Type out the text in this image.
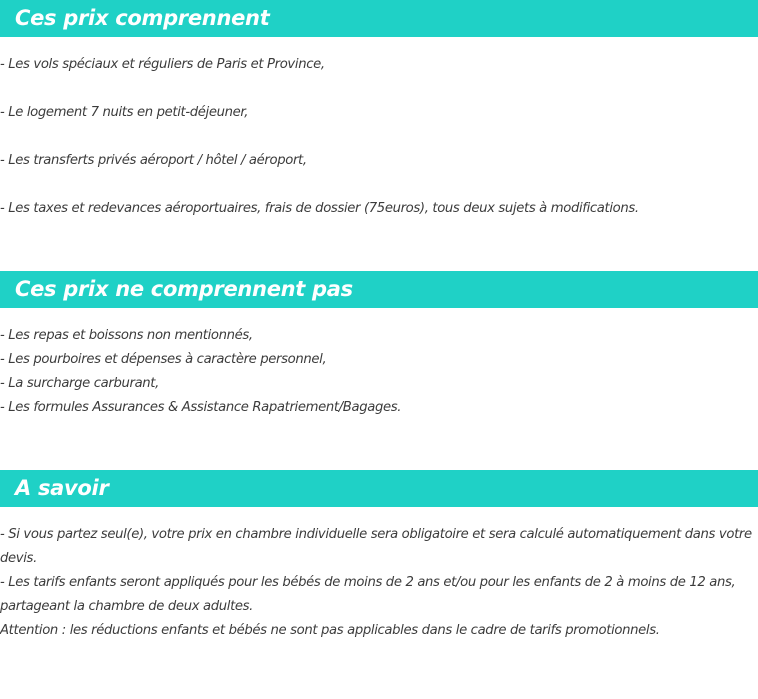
Ces prix comprennent
- Les vols spéciaux et réguliers de Paris et Province,
- Le logement 7 nuits en petit-déjeuner,
- Les transferts privés aéroport / hôtel / aéroport,
- Les taxes et redevances aéroportuaires, frais de dossier (75euros), tous deux sujets à modifications.
Ces prix ne comprennent pas
- Les repas et boissons non mentionnés,
- Les pourboires et dépenses à caractère personnel,
- La surcharge carburant,
- Les formules Assurances & Assistance Rapatriement/Bagages.
A savoir
- Si vous partez seul(e), votre prix en chambre individuelle sera obligatoire et sera calculé automatiquement dans votre
devis.
- Les tarifs enfants seront appliqués pour les bébés de moins de 2 ans et/ou pour les enfants de 2 à moins de 12 ans,
partageant la chambre de deux adultes.
Attention : les réductions enfants et bébés ne sont pas applicables dans le cadre de tarifs promotionnels.
